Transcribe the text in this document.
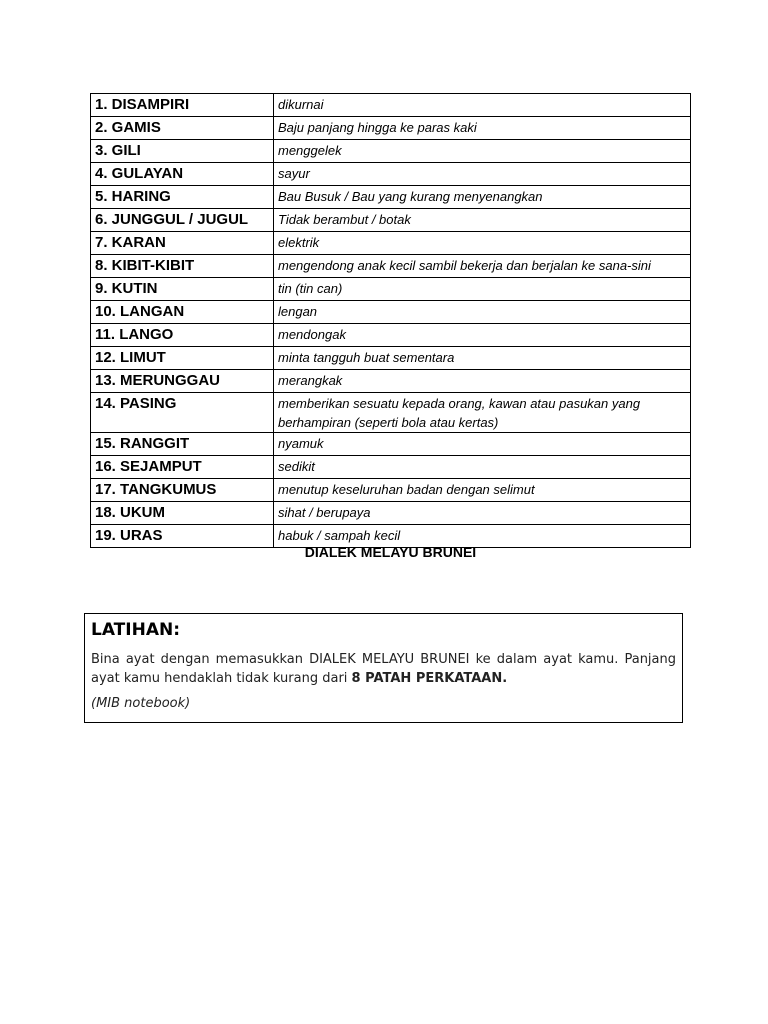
1. DISAMPIRI	dikurnai
2. GAMIS	Baju panjang hingga ke paras kaki
3. GILI	menggelek
4. GULAYAN	sayur
5. HARING	Bau Busuk / Bau yang kurang menyenangkan
6. JUNGGUL / JUGUL	Tidak berambut / botak
7. KARAN	elektrik
8. KIBIT-KIBIT	mengendong anak kecil sambil bekerja dan berjalan ke sana-sini
9. KUTIN	tin (tin can)
10. LANGAN	lengan
11. LANGO	mendongak
12. LIMUT	minta tangguh buat sementara
13. MERUNGGAU	merangkak
14. PASING	memberikan sesuatu kepada orang, kawan atau pasukan yang berhampiran (seperti bola atau kertas)
15. RANGGIT	nyamuk
16. SEJAMPUT	sedikit
17. TANGKUMUS	menutup keseluruhan badan dengan selimut
18. UKUM	sihat / berupaya
19. URAS	habuk / sampah kecil
DIALEK MELAYU BRUNEI
LATIHAN:

Bina ayat dengan memasukkan DIALEK MELAYU BRUNEI ke dalam ayat kamu. Panjang ayat kamu hendaklah tidak kurang dari 8 PATAH PERKATAAN.

(MIB notebook)
